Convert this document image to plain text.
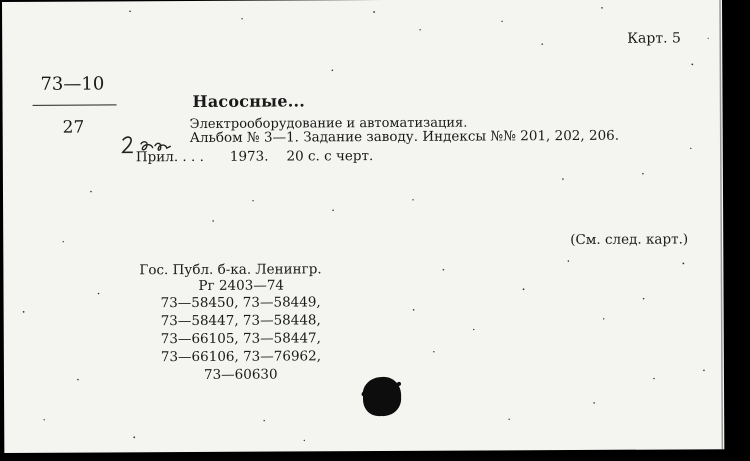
Карт. 5
73—10
27
Насосные...
Электрооборудование и автоматизация.
Альбом № 3—1. Задание заводу. Индексы №№ 201, 202, 206.
Прил. . . . 1973. 20 с. с черт.
(См. след. карт.)
Гос. Публ. б-ка. Ленингр.
Рг 2403—74
73—58450, 73—58449,
73—58447, 73—58448,
73—66105, 73—58447,
73—66106, 73—76962,
73—60630
